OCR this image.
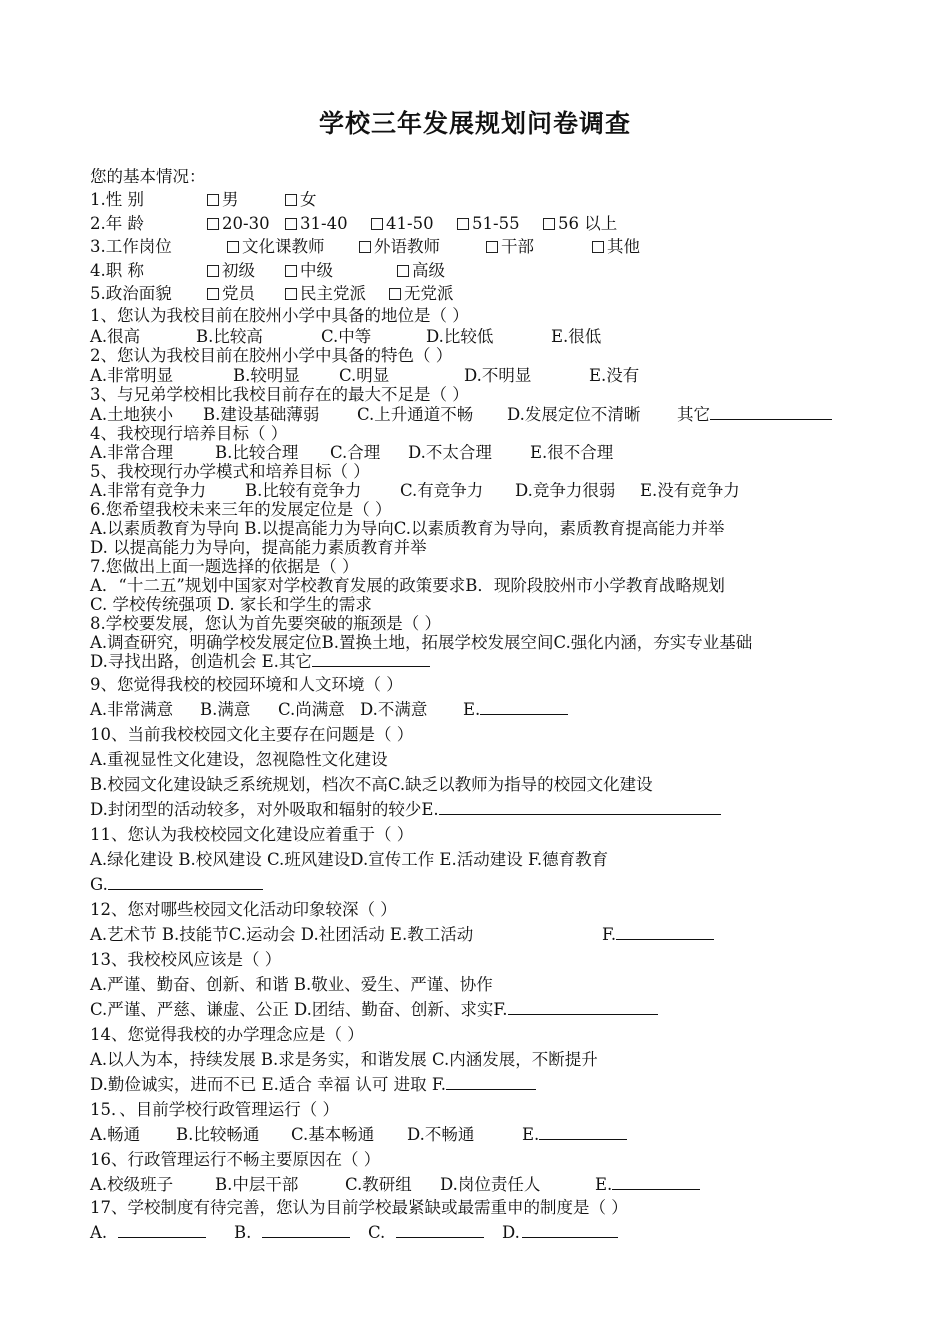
学校三年发展规划问卷调查
您的基本情况：
1.性 别	男	女
2.年 龄	20-30 31-40 41-50 51-55 56 以上
3.工作岗位	文化课教师	外语教师	干部	其他
4.职 称	初级	中级	高级
5.政治面貌	党员	民主党派 无党派
1、您认为我校目前在胶州小学中具备的地位是（ ）
A.很高	B.比较高	C.中等	D.比较低	E.很低
2、您认为我校目前在胶州小学中具备的特色（ ）
A.非常明显	B.较明显 C.明显	D.不明显	E.没有
3、与兄弟学校相比我校目前存在的最大不足是（ ）
A.土地狭小 B.建设基础薄弱 C.上升通道不畅 D.发展定位不清晰 其它
4、我校现行培养目标（ ）
A.非常合理	B.比较合理 C.合理 D.不太合理 E.很不合理
5、我校现行办学模式和培养目标（ ）
A.非常有竞争力 B.比较有竞争力 C.有竞争力 D.竞争力很弱 E.没有竞争力
6.您希望我校未来三年的发展定位是（ ）
A.以素质教育为导向 B.以提高能力为导向C.以素质教育为导向，素质教育提高能力并举
D. 以提高能力为导向，提高能力素质教育并举
7.您做出上面一题选择的依据是（ ）
A．“十二五”规划中国家对学校教育发展的政策要求B．现阶段胶州市小学教育战略规划
C. 学校传统强项 D. 家长和学生的需求
8.学校要发展，您认为首先要突破的瓶颈是（ ）
A.调查研究，明确学校发展定位B.置换土地，拓展学校发展空间C.强化内涵，夯实专业基础
D.寻找出路，创造机会 E.其它
9、您觉得我校的校园环境和人文环境（ ）
A.非常满意 B.满意 C.尚满意 D.不满意 E.
10、当前我校校园文化主要存在问题是（ ）
A.重视显性文化建设，忽视隐性文化建设
B.校园文化建设缺乏系统规划，档次不高C.缺乏以教师为指导的校园文化建设
D.封闭型的活动较多，对外吸取和辐射的较少E.
11、您认为我校校园文化建设应着重于（ ）
A.绿化建设 B.校风建设 C.班风建设D.宣传工作 E.活动建设 F.德育教育
G.
12、您对哪些校园文化活动印象较深（ ）
A.艺术节 B.技能节C.运动会 D.社团活动 E.教工活动	F.
13、我校校风应该是（ ）
A.严谨、勤奋、创新、和谐 B.敬业、爱生、严谨、协作
C.严谨、严慈、谦虚、公正 D.团结、勤奋、创新、求实F.
14、您觉得我校的办学理念应是（ ）
A.以人为本，持续发展 B.求是务实，和谐发展 C.内涵发展，不断提升
D.勤俭诚实，进而不已 E.适合 幸福 认可 进取 F.
15．、目前学校行政管理运行（ ）
A.畅通 B.比较畅通 C.基本畅通 D.不畅通	E.
16、行政管理运行不畅主要原因在（ ）
A.校级班子	B.中层干部	C.教研组 D.岗位责任人	E.
17、学校制度有待完善，您认为目前学校最紧缺或最需重申的制度是（ ）
A.	B.	C.	D.
